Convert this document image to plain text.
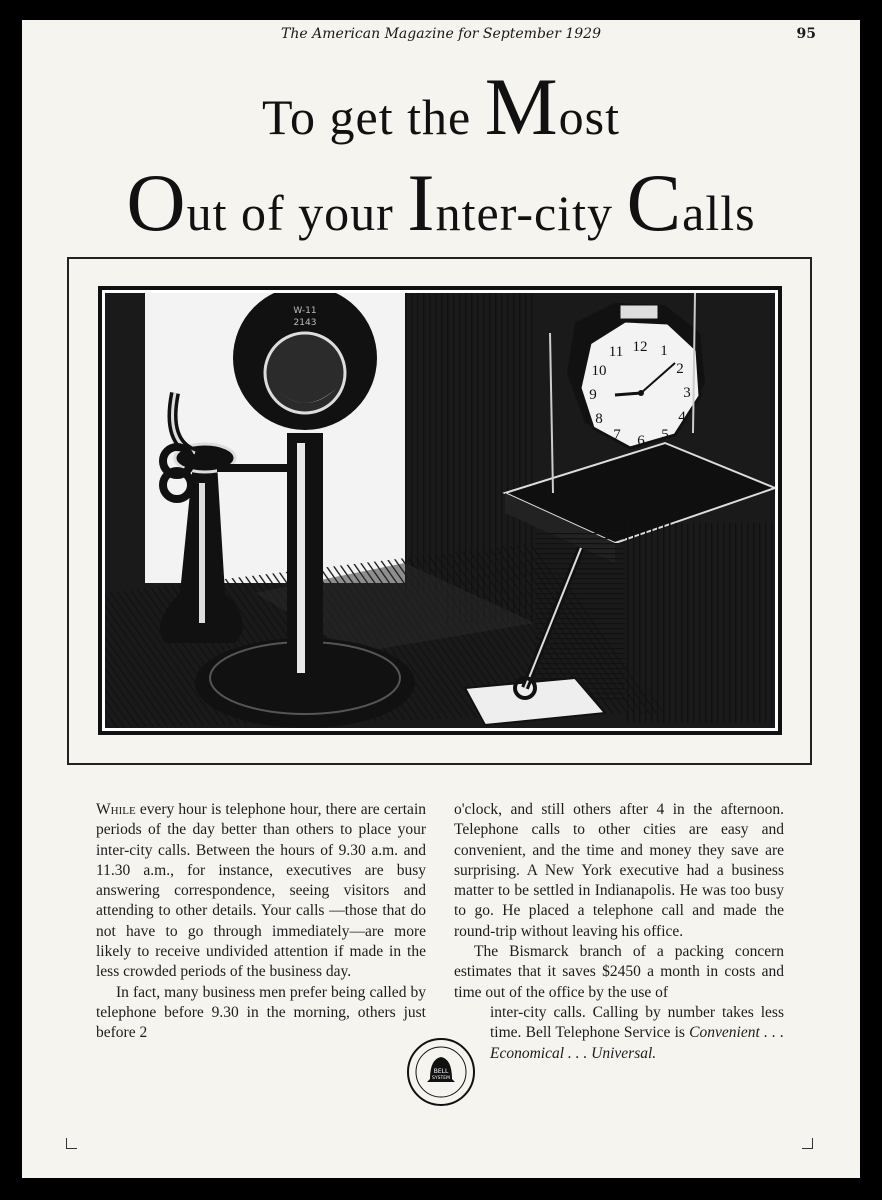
The American Magazine for September 1929	95
To get the Most
Out of your Inter-city Calls
W-11
2143
12 1
2
3
4
5
6
7
8
9
10
11

While every hour is telephone hour, there are certain periods of the day better than others to place your inter-city calls. Between the hours of 9.30 a.m. and 11.30 a.m., for instance, executives are busy answering correspondence, seeing visitors and attending to other details. Your calls —those that do not have to go through immediately—are more likely to receive undivided attention if made in the less crowded periods of the business day.

In fact, many business men prefer being called by telephone before 9.30 in the morning, others just before 2

o'clock, and still others after 4 in the afternoon. Telephone calls to other cities are easy and convenient, and the time and money they save are surprising. A New York executive had a business matter to be settled in Indianapolis. He was too busy to go. He placed a telephone call and made the round-trip without leaving his office.

The Bismarck branch of a packing concern estimates that it saves $2450 a month in costs and time out of the office by the use of

inter-city calls. Calling by number takes less time. Bell Telephone Service is Convenient . . . Economical . . . Universal.

BELL
SYSTEM
